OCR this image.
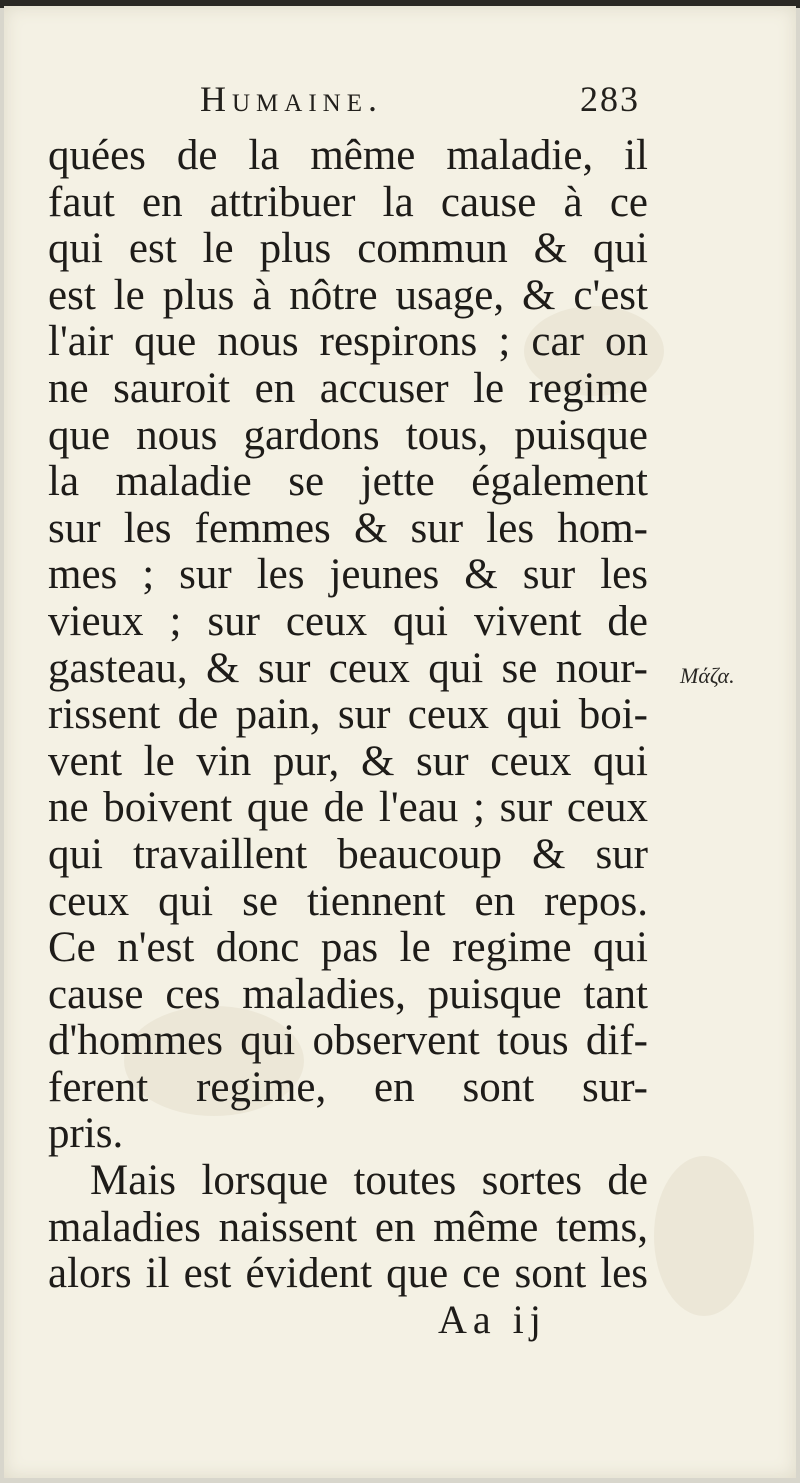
Humaine.	283
quées de la même maladie, il
faut en attribuer la cause à ce
qui est le plus commun & qui
est le plus à nôtre usage, & c'est
l'air que nous respirons ; car on
ne sauroit en accuser le regime
que nous gardons tous, puisque
la maladie se jette également
sur les femmes & sur les hom-
mes ; sur les jeunes & sur les
vieux ; sur ceux qui vivent de
gasteau, & sur ceux qui se nour-
rissent de pain, sur ceux qui boi-
vent le vin pur, & sur ceux qui
ne boivent que de l'eau ; sur ceux
qui travaillent beaucoup & sur
ceux qui se tiennent en repos.
Ce n'est donc pas le regime qui
cause ces maladies, puisque tant
d'hommes qui observent tous dif-
ferent regime, en sont sur-
pris.
Mais lorsque toutes sortes de
maladies naissent en même tems,
alors il est évident que ce sont les
Μάζα.
Aa ij
